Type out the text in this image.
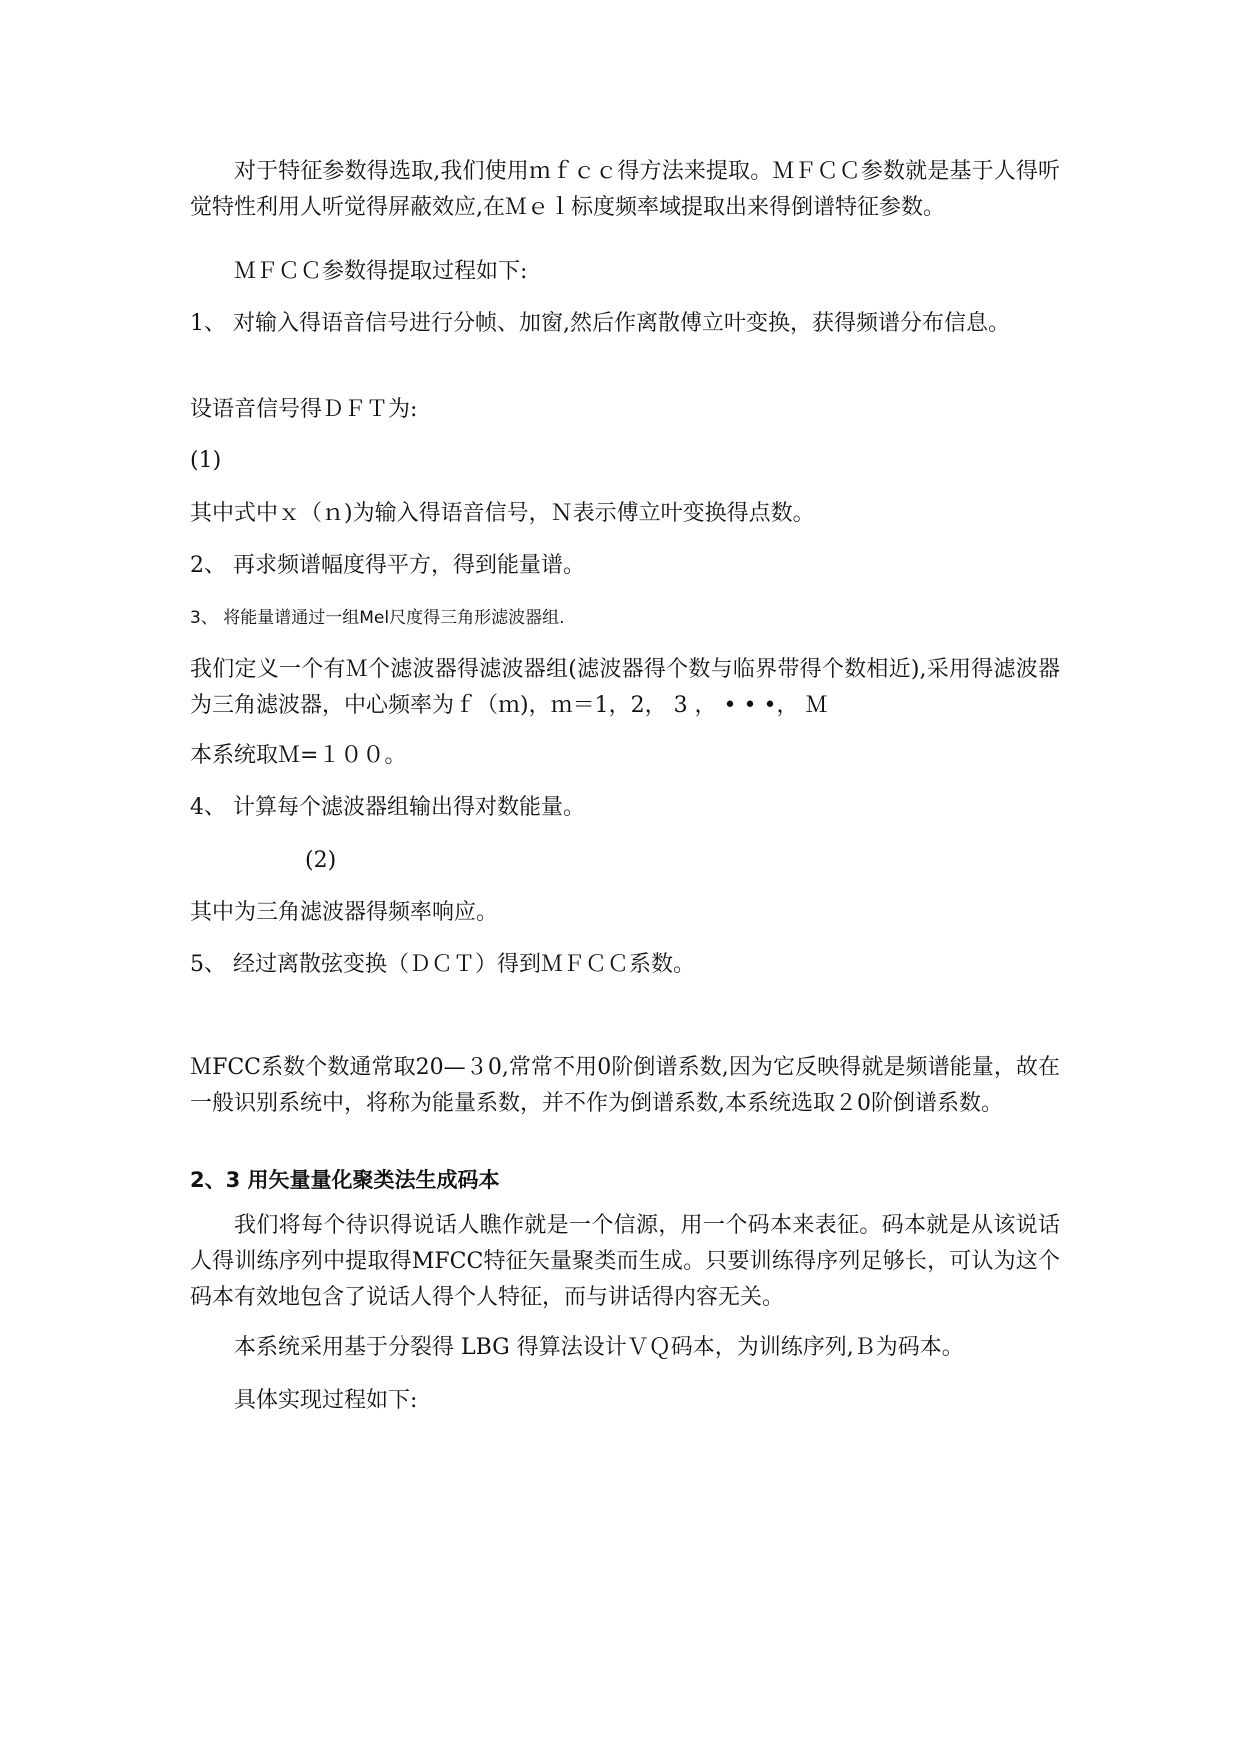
对于特征参数得选取,我们使用ｍｆｃｃ得方法来提取。ＭＦＣＣ参数就是基于人得听觉特性利用人听觉得屏蔽效应,在Ｍｅｌ标度频率域提取出来得倒谱特征参数。

ＭＦＣＣ参数得提取过程如下:

1、 对输入得语音信号进行分帧、加窗,然后作离散傅立叶变换，获得频谱分布信息。

设语音信号得ＤＦＴ为:

(1)

其中式中ｘ（ｎ)为输入得语音信号，Ｎ表示傅立叶变换得点数。

2、 再求频谱幅度得平方，得到能量谱。

3、 将能量谱通过一组Mel尺度得三角形滤波器组.

我们定义一个有Ｍ个滤波器得滤波器组(滤波器得个数与临界带得个数相近),采用得滤波器为三角滤波器，中心频率为ｆ（ｍ)，ｍ＝1，2， 3 ， • • •， Ｍ

本系统取Ｍ=１００。

4、 计算每个滤波器组输出得对数能量。

(2)

其中为三角滤波器得频率响应。

5、 经过离散弦变换（ＤＣＴ）得到ＭＦＣＣ系数。

ＭFCC系数个数通常取20—３0,常常不用0阶倒谱系数,因为它反映得就是频谱能量，故在一般识别系统中，将称为能量系数，并不作为倒谱系数,本系统选取２0阶倒谱系数。

2、3 用矢量量化聚类法生成码本

我们将每个待识得说话人瞧作就是一个信源，用一个码本来表征。码本就是从该说话人得训练序列中提取得MFCC特征矢量聚类而生成。只要训练得序列足够长，可认为这个码本有效地包含了说话人得个人特征，而与讲话得内容无关。

本系统采用基于分裂得 LBG 得算法设计ＶＱ码本，为训练序列,Ｂ为码本。

具体实现过程如下:
